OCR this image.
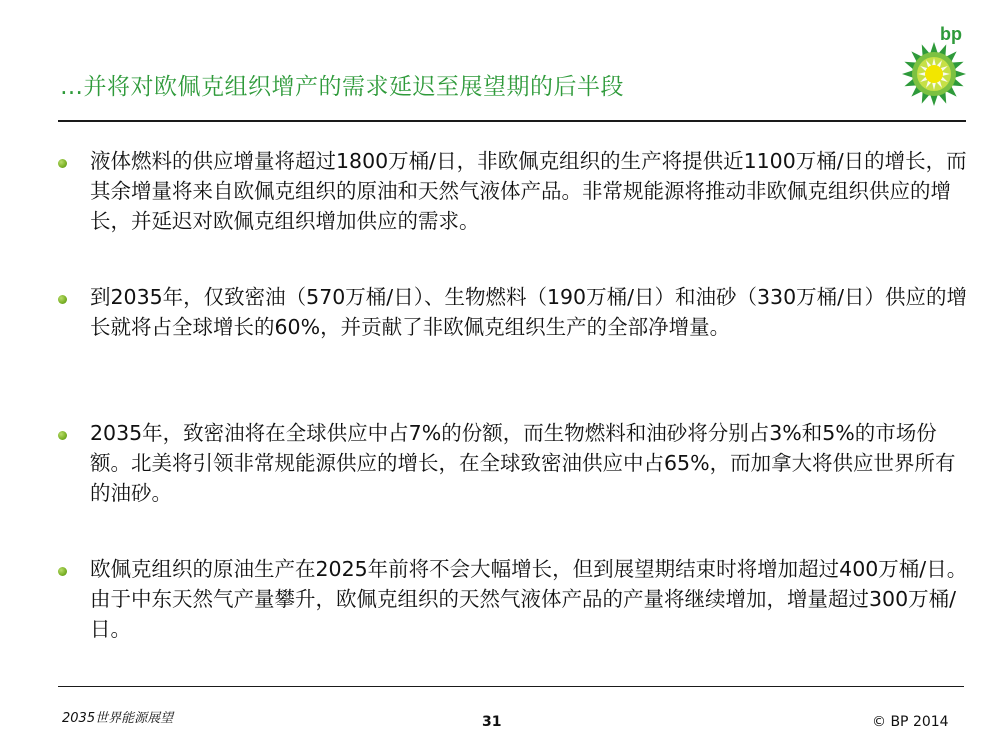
…并将对欧佩克组织增产的需求延迟至展望期的后半段
bp
液体燃料的供应增量将超过1800万桶/日，非欧佩克组织的生产将提供近1100万桶/日的增长，而其余增量将来自欧佩克组织的原油和天然气液体产品。非常规能源将推动非欧佩克组织供应的增长，并延迟对欧佩克组织增加供应的需求。
到2035年，仅致密油（570万桶/日）、生物燃料（190万桶/日）和油砂（330万桶/日）供应的增长就将占全球增长的60%，并贡献了非欧佩克组织生产的全部净增量。
2035年，致密油将在全球供应中占7%的份额，而生物燃料和油砂将分别占3%和5%的市场份额。北美将引领非常规能源供应的增长，在全球致密油供应中占65%，而加拿大将供应世界所有的油砂。
欧佩克组织的原油生产在2025年前将不会大幅增长，但到展望期结束时将增加超过400万桶/日。由于中东天然气产量攀升，欧佩克组织的天然气液体产品的产量将继续增加，增量超过300万桶/日。
2035世界能源展望	31	© BP 2014
